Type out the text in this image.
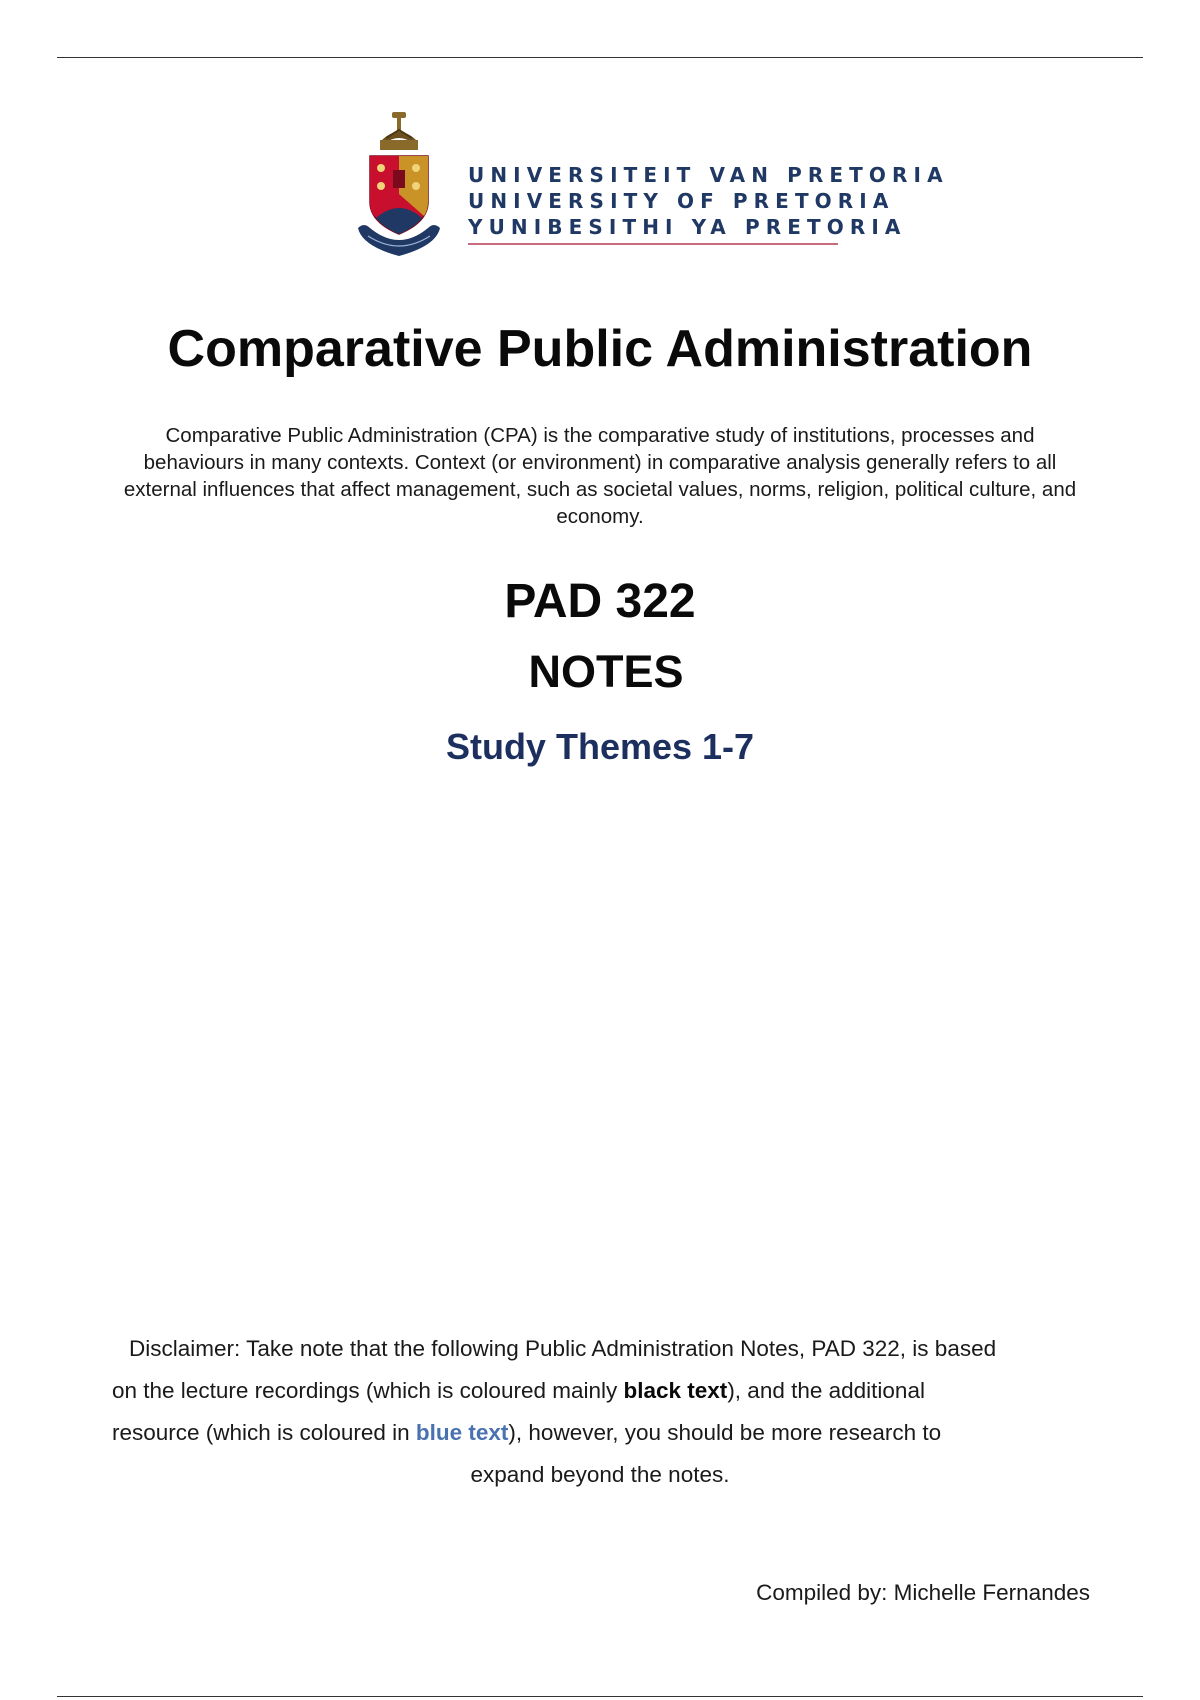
UNIVERSITEIT VAN PRETORIA
UNIVERSITY OF PRETORIA
YUNIBESITHI YA PRETORIA
Comparative Public Administration

Comparative Public Administration (CPA) is the comparative study of institutions, processes and behaviours in many contexts. Context (or environment) in comparative analysis generally refers to all external influences that affect management, such as societal values, norms, religion, political culture, and economy.

PAD 322
NOTES
Study Themes 1-7
Disclaimer: Take note that the following Public Administration Notes, PAD 322, is based
on the lecture recordings (which is coloured mainly black text), and the additional
resource (which is coloured in blue text), however, you should be more research to
expand beyond the notes.

Compiled by: Michelle Fernandes
